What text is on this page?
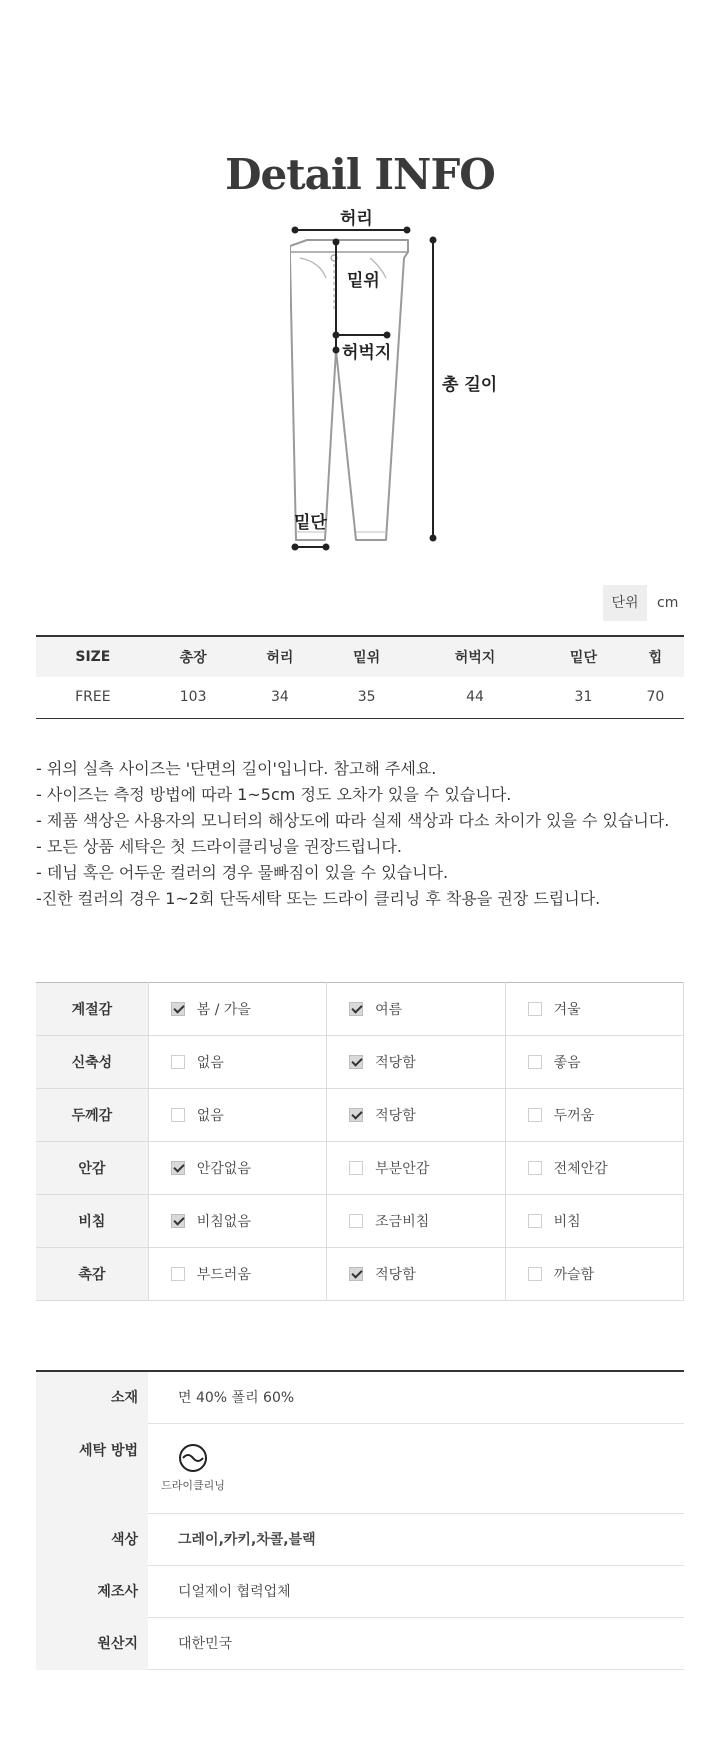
Detail INFO
허리
밑위
허벅지
밑단
총 길이
단위	cm
SIZE	총장	허리	밑위	허벅지	밑단	힙
FREE	103	34	35	44	31	70

- 위의 실측 사이즈는 '단면의 길이'입니다. 참고해 주세요.

- 사이즈는 측정 방법에 따라 1~5cm 정도 오차가 있을 수 있습니다.

- 제품 색상은 사용자의 모니터의 해상도에 따라 실제 색상과 다소 차이가 있을 수 있습니다.

- 모든 상품 세탁은 첫 드라이클리닝을 권장드립니다.

- 데님 혹은 어두운 컬러의 경우 물빠짐이 있을 수 있습니다.

-진한 컬러의 경우 1~2회 단독세탁 또는 드라이 클리닝 후 착용을 권장 드립니다.

계절감	봄 / 가을	여름	겨울

신축성	없음	적당함	좋음

두께감	없음	적당함	두꺼움

안감	안감없음	부분안감	전체안감

비침	비침없음	조금비침	비침

촉감	부드러움	적당함	까슬함
소재	면 40% 폴리 60%
세탁 방법	드라이클리닝

색상	그레이,카키,차콜,블랙
제조사	디얼제이 협력업체
원산지	대한민국
